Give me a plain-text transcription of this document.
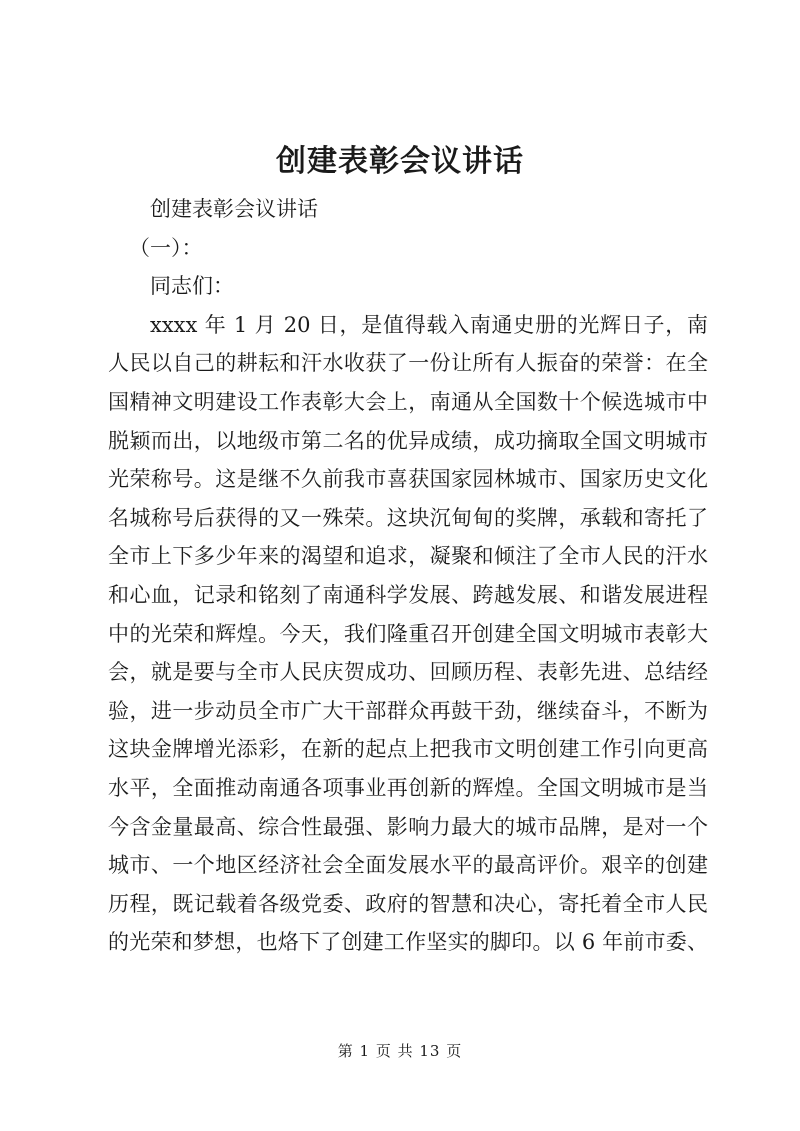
创建表彰会议讲话
创建表彰会议讲话
（一）：
同志们：
xxxx 年 1 月 20 日，是值得载入南通史册的光辉日子，南
人民以自己的耕耘和汗水收获了一份让所有人振奋的荣誉：在全
国精神文明建设工作表彰大会上，南通从全国数十个候选城市中
脱颖而出，以地级市第二名的优异成绩，成功摘取全国文明城市
光荣称号。这是继不久前我市喜获国家园林城市、国家历史文化
名城称号后获得的又一殊荣。这块沉甸甸的奖牌，承载和寄托了
全市上下多少年来的渴望和追求，凝聚和倾注了全市人民的汗水
和心血，记录和铭刻了南通科学发展、跨越发展、和谐发展进程
中的光荣和辉煌。今天，我们隆重召开创建全国文明城市表彰大
会，就是要与全市人民庆贺成功、回顾历程、表彰先进、总结经
验，进一步动员全市广大干部群众再鼓干劲，继续奋斗，不断为
这块金牌增光添彩，在新的起点上把我市文明创建工作引向更高
水平，全面推动南通各项事业再创新的辉煌。全国文明城市是当
今含金量最高、综合性最强、影响力最大的城市品牌，是对一个
城市、一个地区经济社会全面发展水平的最高评价。艰辛的创建
历程，既记载着各级党委、政府的智慧和决心，寄托着全市人民
的光荣和梦想，也烙下了创建工作坚实的脚印。以 6 年前市委、
第 1 页 共 13 页
